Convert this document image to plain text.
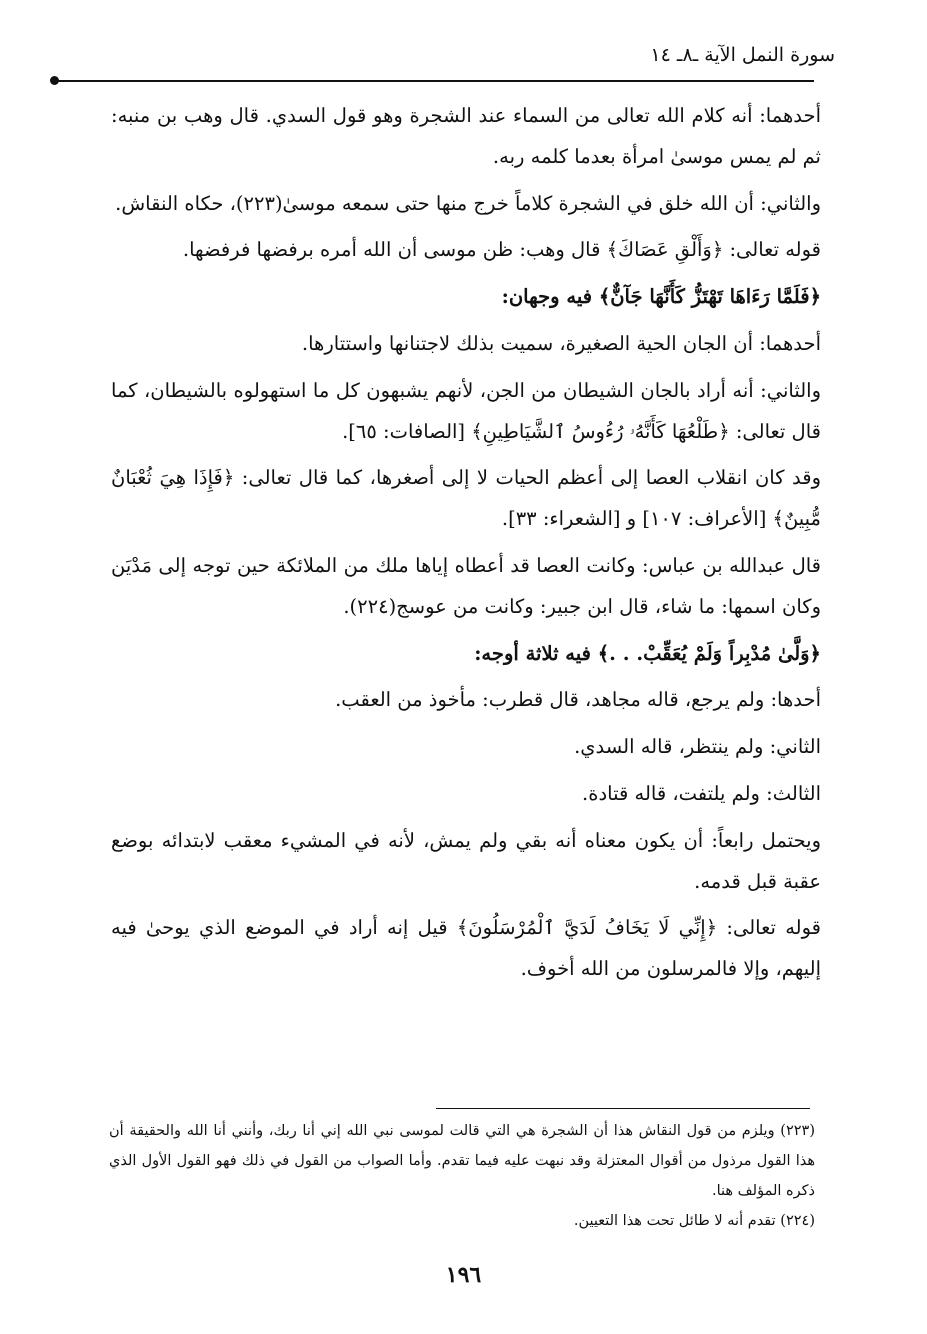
سورة النمل الآية ـ٨ـ ١٤

أحدهما: أنه كلام الله تعالى من السماء عند الشجرة وهو قول السدي. قال وهب بن منبه: ثم لم يمس موسىٰ امرأة بعدما كلمه ربه.

والثاني: أن الله خلق في الشجرة كلاماً خرج منها حتى سمعه موسىٰ(٢٢٣)، حكاه النقاش.

قوله تعالى: ﴿وَأَلْقِ عَصَاكَ﴾ قال وهب: ظن موسى أن الله أمره برفضها فرفضها.

﴿فَلَمَّا رَءَاهَا تَهْتَزُّ كَأَنَّهَا جَآنٌّ﴾ فيه وجهان:

أحدهما: أن الجان الحية الصغيرة، سميت بذلك لاجتنانها واستتارها.

والثاني: أنه أراد بالجان الشيطان من الجن، لأنهم يشبهون كل ما استهولوه بالشيطان، كما قال تعالى: ﴿طَلْعُهَا كَأَنَّهُۥ رُءُوسُ ٱلشَّيَاطِينِ﴾ [الصافات: ٦٥].

وقد كان انقلاب العصا إلى أعظم الحيات لا إلى أصغرها، كما قال تعالى: ﴿فَإِذَا هِيَ ثُعْبَانٌ مُّبِينٌ﴾ [الأعراف: ١٠٧] و [الشعراء: ٣٣].

قال عبدالله بن عباس: وكانت العصا قد أعطاه إياها ملك من الملائكة حين توجه إلى مَدْيَن وكان اسمها: ما شاء، قال ابن جبير: وكانت من عوسج(٢٢٤).

﴿وَلَّىٰ مُدْبِراً وَلَمْ يُعَقِّبْ. . .﴾ فيه ثلاثة أوجه:

أحدها: ولم يرجع، قاله مجاهد، قال قطرب: مأخوذ من العقب.

الثاني: ولم ينتظر، قاله السدي.

الثالث: ولم يلتفت، قاله قتادة.

ويحتمل رابعاً: أن يكون معناه أنه بقي ولم يمش، لأنه في المشيء معقب لابتدائه بوضع عقبة قبل قدمه.

قوله تعالى: ﴿إِنِّي لَا يَخَافُ لَدَيَّ ٱلْمُرْسَلُونَ﴾ قيل إنه أراد في الموضع الذي يوحىٰ فيه إليهم، وإلا فالمرسلون من الله أخوف.

(٢٢٣) ويلزم من قول النقاش هذا أن الشجرة هي التي قالت لموسى نبي الله إني أنا ربك، وأنني أنا الله والحقيقة أن هذا القول مرذول من أقوال المعتزلة وقد نبهت عليه فيما تقدم. وأما الصواب من القول في ذلك فهو القول الأول الذي ذكره المؤلف هنا.

(٢٢٤) تقدم أنه لا طائل تحت هذا التعيين.

١٩٦
